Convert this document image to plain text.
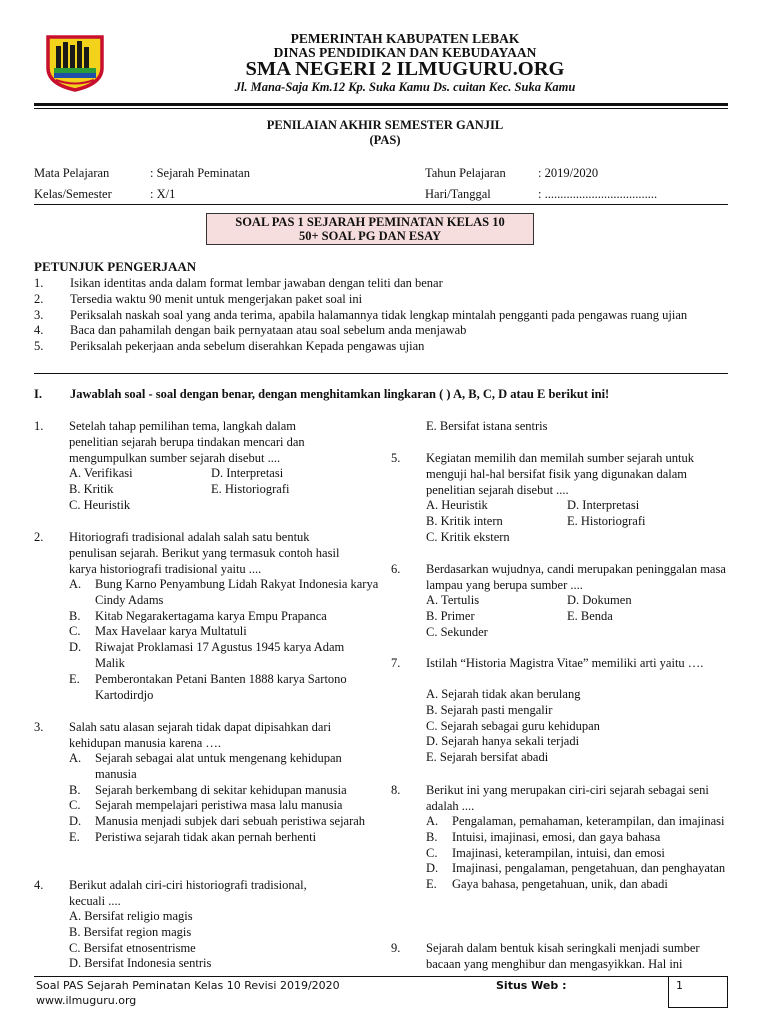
PEMERINTAH KABUPATEN LEBAK
DINAS PENDIDIKAN DAN KEBUDAYAAN
SMA NEGERI 2 ILMUGURU.ORG
Jl. Mana-Saja Km.12 Kp. Suka Kamu Ds. cuitan Kec. Suka Kamu
PENILAIAN AKHIR SEMESTER GANJIL
(PAS)
Mata Pelajaran	: Sejarah Peminatan
Kelas/Semester	: X/1
Tahun Pelajaran	: 2019/2020
Hari/Tanggal	: ....................................
SOAL PAS 1 SEJARAH PEMINATAN KELAS 10
50+ SOAL PG DAN ESAY
PETUNJUK PENGERJAAN
1. Isikan identitas anda dalam format lembar jawaban dengan teliti dan benar
2. Tersedia waktu 90 menit untuk mengerjakan paket soal ini
3. Periksalah naskah soal yang anda terima, apabila halamannya tidak lengkap mintalah pengganti pada pengawas ruang ujian
4. Baca dan pahamilah dengan baik pernyataan atau soal sebelum anda menjawab
5. Periksalah pekerjaan anda sebelum diserahkan Kepada pengawas ujian
I. Jawablah soal - soal dengan benar, dengan menghitamkan lingkaran ( ) A, B, C, D atau E berikut ini!
1. Setelah tahap pemilihan tema, langkah dalam penelitian sejarah berupa tindakan mencari dan mengumpulkan sumber sejarah disebut ....
A. Verifikasi	D. Interpretasi
B. Kritik	E. Historiografi
C. Heuristik
2. Hitoriografi tradisional adalah salah satu bentuk penulisan sejarah. Berikut yang termasuk contoh hasil karya historiografi tradisional yaitu ....
A. Bung Karno Penyambung Lidah Rakyat Indonesia karya Cindy Adams
B. Kitab Negarakertagama karya Empu Prapanca
C. Max Havelaar karya Multatuli
D. Riwajat Proklamasi 17 Agustus 1945 karya Adam Malik
E. Pemberontakan Petani Banten 1888 karya Sartono Kartodirdjo
3. Salah satu alasan sejarah tidak dapat dipisahkan dari kehidupan manusia karena ….
A. Sejarah sebagai alat untuk mengenang kehidupan manusia
B. Sejarah berkembang di sekitar kehidupan manusia
C. Sejarah mempelajari peristiwa masa lalu manusia
D. Manusia menjadi subjek dari sebuah peristiwa sejarah
E. Peristiwa sejarah tidak akan pernah berhenti
4. Berikut adalah ciri-ciri historiografi tradisional, kecuali ....
A. Bersifat religio magis
B. Bersifat region magis
C. Bersifat etnosentrisme
D. Bersifat Indonesia sentris
E. Bersifat istana sentris
5. Kegiatan memilih dan memilah sumber sejarah untuk menguji hal-hal bersifat fisik yang digunakan dalam penelitian sejarah disebut ....
A. Heuristik	D. Interpretasi
B. Kritik intern	E. Historiografi
C. Kritik ekstern
6. Berdasarkan wujudnya, candi merupakan peninggalan masa lampau yang berupa sumber ....
A. Tertulis	D. Dokumen
B. Primer	E. Benda
C. Sekunder
7. Istilah “Historia Magistra Vitae” memiliki arti yaitu ….
A. Sejarah tidak akan berulang
B. Sejarah pasti mengalir
C. Sejarah sebagai guru kehidupan
D. Sejarah hanya sekali terjadi
E. Sejarah bersifat abadi
8. Berikut ini yang merupakan ciri-ciri sejarah sebagai seni adalah ....
A. Pengalaman, pemahaman, keterampilan, dan imajinasi
B. Intuisi, imajinasi, emosi, dan gaya bahasa
C. Imajinasi, keterampilan, intuisi, dan emosi
D. Imajinasi, pengalaman, pengetahuan, dan penghayatan
E. Gaya bahasa, pengetahuan, unik, dan abadi
9. Sejarah dalam bentuk kisah seringkali menjadi sumber bacaan yang menghibur dan mengasyikkan. Hal ini
Soal PAS Sejarah Peminatan Kelas 10 Revisi 2019/2020
www.ilmuguru.org
Situs Web :	1
